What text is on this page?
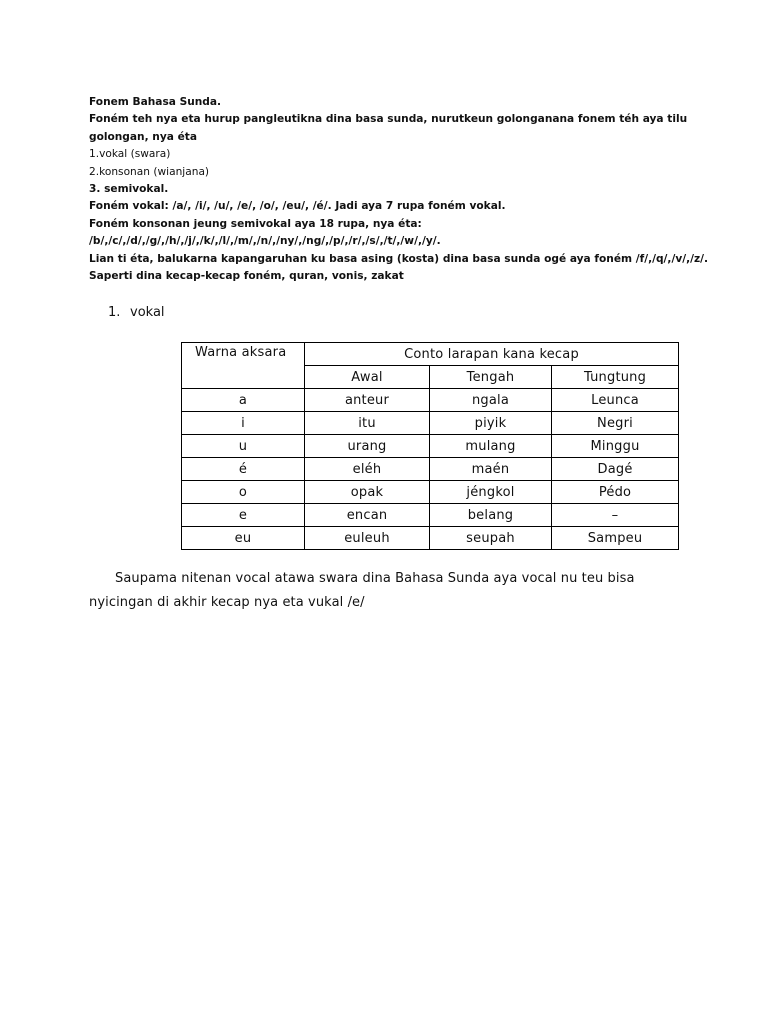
Fonem Bahasa Sunda.
Foném teh nya eta hurup pangleutikna dina basa sunda, nurutkeun golonganana fonem téh aya tilu
golongan, nya éta
1.vokal (swara)
2.konsonan (wianjana)
3. semivokal.
Foném vokal: /a/, /i/, /u/, /e/, /o/, /eu/, /é/. Jadi aya 7 rupa foném vokal.
Foném konsonan jeung semivokal aya 18 rupa, nya éta:
/b/,/c/,/d/,/g/,/h/,/j/,/k/,/l/,/m/,/n/,/ny/,/ng/,/p/,/r/,/s/,/t/,/w/,/y/.
Lian ti éta, balukarna kapangaruhan ku basa asing (kosta) dina basa sunda ogé aya foném /f/,/q/,/v/,/z/.
Saperti dina kecap-kecap foném, quran, vonis, zakat
1. vokal
Warna aksara	Conto larapan kana kecap		
	Awal	Tengah	Tungtung
a	anteur	ngala	Leunca
i	itu	piyik	Negri
u	urang	mulang	Minggu
é	eléh	maén	Dagé
o	opak	jéngkol	Pédo
e	encan	belang	–
eu	euleuh	seupah	Sampeu
Saupama nitenan vocal atawa swara dina Bahasa Sunda aya vocal nu teu bisa
nyicingan di akhir kecap nya eta vukal /e/
